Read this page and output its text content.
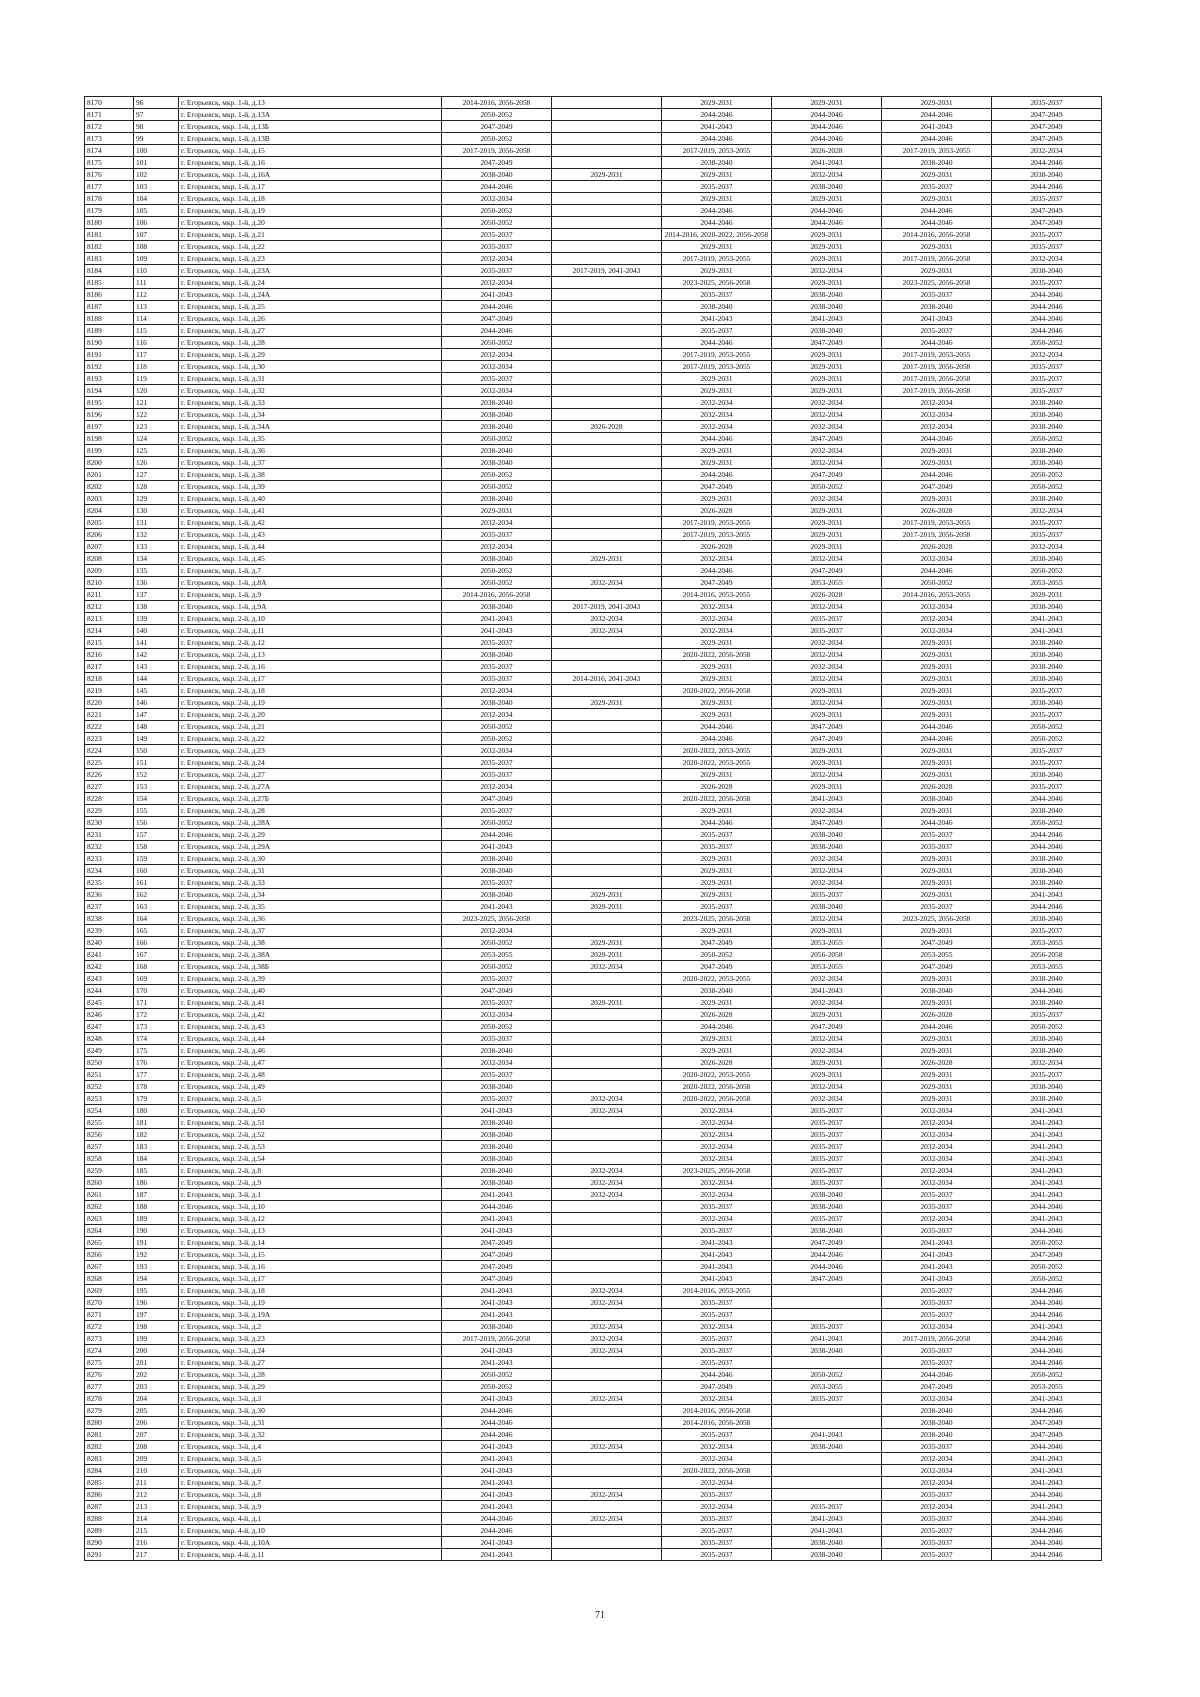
8170	96	г. Егорьевск, мкр. 1-й, д.13	2014-2016, 2056-2058		2029-2031	2029-2031	2029-2031	2035-2037
8171	97	г. Егорьевск, мкр. 1-й, д.13А	2050-2052		2044-2046	2044-2046	2044-2046	2047-2049
8172	98	г. Егорьевск, мкр. 1-й, д.13Б	2047-2049		2041-2043	2044-2046	2041-2043	2047-2049
8173	99	г. Егорьевск, мкр. 1-й, д.13В	2050-2052		2044-2046	2044-2046	2044-2046	2047-2049
8174	100	г. Егорьевск, мкр. 1-й, д.15	2017-2019, 2056-2058		2017-2019, 2053-2055	2026-2028	2017-2019, 2053-2055	2032-2034
8175	101	г. Егорьевск, мкр. 1-й, д.16	2047-2049		2038-2040	2041-2043	2038-2040	2044-2046
8176	102	г. Егорьевск, мкр. 1-й, д.16А	2038-2040	2029-2031	2029-2031	2032-2034	2029-2031	2038-2040
8177	103	г. Егорьевск, мкр. 1-й, д.17	2044-2046		2035-2037	2038-2040	2035-2037	2044-2046
8178	104	г. Егорьевск, мкр. 1-й, д.18	2032-2034		2029-2031	2029-2031	2029-2031	2035-2037
8179	105	г. Егорьевск, мкр. 1-й, д.19	2050-2052		2044-2046	2044-2046	2044-2046	2047-2049
8180	106	г. Егорьевск, мкр. 1-й, д.20	2050-2052		2044-2046	2044-2046	2044-2046	2047-2049
8181	107	г. Егорьевск, мкр. 1-й, д.21	2035-2037		2014-2016, 2020-2022, 2056-2058	2029-2031	2014-2016, 2056-2058	2035-2037
8182	108	г. Егорьевск, мкр. 1-й, д.22	2035-2037		2029-2031	2029-2031	2029-2031	2035-2037
8183	109	г. Егорьевск, мкр. 1-й, д.23	2032-2034		2017-2019, 2053-2055	2029-2031	2017-2019, 2056-2058	2032-2034
8184	110	г. Егорьевск, мкр. 1-й, д.23А	2035-2037	2017-2019, 2041-2043	2029-2031	2032-2034	2029-2031	2038-2040
8185	111	г. Егорьевск, мкр. 1-й, д.24	2032-2034		2023-2025, 2056-2058	2029-2031	2023-2025, 2056-2058	2035-2037
8186	112	г. Егорьевск, мкр. 1-й, д.24А	2041-2043		2035-2037	2038-2040	2035-2037	2044-2046
8187	113	г. Егорьевск, мкр. 1-й, д.25	2044-2046		2038-2040	2038-2040	2038-2040	2044-2046
8188	114	г. Егорьевск, мкр. 1-й, д.26	2047-2049		2041-2043	2041-2043	2041-2043	2044-2046
8189	115	г. Егорьевск, мкр. 1-й, д.27	2044-2046		2035-2037	2038-2040	2035-2037	2044-2046
8190	116	г. Егорьевск, мкр. 1-й, д.28	2050-2052		2044-2046	2047-2049	2044-2046	2050-2052
8191	117	г. Егорьевск, мкр. 1-й, д.29	2032-2034		2017-2019, 2053-2055	2029-2031	2017-2019, 2053-2055	2032-2034
8192	118	г. Егорьевск, мкр. 1-й, д.30	2032-2034		2017-2019, 2053-2055	2029-2031	2017-2019, 2056-2058	2035-2037
8193	119	г. Егорьевск, мкр. 1-й, д.31	2035-2037		2029-2031	2029-2031	2017-2019, 2056-2058	2035-2037
8194	120	г. Егорьевск, мкр. 1-й, д.32	2032-2034		2029-2031	2029-2031	2017-2019, 2056-2058	2035-2037
8195	121	г. Егорьевск, мкр. 1-й, д.33	2038-2040		2032-2034	2032-2034	2032-2034	2038-2040
8196	122	г. Егорьевск, мкр. 1-й, д.34	2038-2040		2032-2034	2032-2034	2032-2034	2038-2040
8197	123	г. Егорьевск, мкр. 1-й, д.34А	2038-2040	2026-2028	2032-2034	2032-2034	2032-2034	2038-2040
8198	124	г. Егорьевск, мкр. 1-й, д.35	2050-2052		2044-2046	2047-2049	2044-2046	2050-2052
8199	125	г. Егорьевск, мкр. 1-й, д.36	2038-2040		2029-2031	2032-2034	2029-2031	2038-2040
8200	126	г. Егорьевск, мкр. 1-й, д.37	2038-2040		2029-2031	2032-2034	2029-2031	2038-2040
8201	127	г. Егорьевск, мкр. 1-й, д.38	2050-2052		2044-2046	2047-2049	2044-2046	2050-2052
8202	128	г. Егорьевск, мкр. 1-й, д.39	2050-2052		2047-2049	2050-2052	2047-2049	2050-2052
8203	129	г. Егорьевск, мкр. 1-й, д.40	2038-2040		2029-2031	2032-2034	2029-2031	2038-2040
8204	130	г. Егорьевск, мкр. 1-й, д.41	2029-2031		2026-2028	2029-2031	2026-2028	2032-2034
8205	131	г. Егорьевск, мкр. 1-й, д.42	2032-2034		2017-2019, 2053-2055	2029-2031	2017-2019, 2053-2055	2035-2037
8206	132	г. Егорьевск, мкр. 1-й, д.43	2035-2037		2017-2019, 2053-2055	2029-2031	2017-2019, 2056-2058	2035-2037
8207	133	г. Егорьевск, мкр. 1-й, д.44	2032-2034		2026-2028	2029-2031	2026-2028	2032-2034
8208	134	г. Егорьевск, мкр. 1-й, д.45	2038-2040	2029-2031	2032-2034	2032-2034	2032-2034	2038-2040
8209	135	г. Егорьевск, мкр. 1-й, д.7	2050-2052		2044-2046	2047-2049	2044-2046	2050-2052
8210	136	г. Егорьевск, мкр. 1-й, д.8А	2050-2052	2032-2034	2047-2049	2053-2055	2050-2052	2053-2055
8211	137	г. Егорьевск, мкр. 1-й, д.9	2014-2016, 2056-2058		2014-2016, 2053-2055	2026-2028	2014-2016, 2053-2055	2029-2031
8212	138	г. Егорьевск, мкр. 1-й, д.9А	2038-2040	2017-2019, 2041-2043	2032-2034	2032-2034	2032-2034	2038-2040
8213	139	г. Егорьевск, мкр. 2-й, д.10	2041-2043	2032-2034	2032-2034	2035-2037	2032-2034	2041-2043
8214	140	г. Егорьевск, мкр. 2-й, д.11	2041-2043	2032-2034	2032-2034	2035-2037	2032-2034	2041-2043
8215	141	г. Егорьевск, мкр. 2-й, д.12	2035-2037		2029-2031	2032-2034	2029-2031	2038-2040
8216	142	г. Егорьевск, мкр. 2-й, д.13	2038-2040		2020-2022, 2056-2058	2032-2034	2029-2031	2038-2040
8217	143	г. Егорьевск, мкр. 2-й, д.16	2035-2037		2029-2031	2032-2034	2029-2031	2038-2040
8218	144	г. Егорьевск, мкр. 2-й, д.17	2035-2037	2014-2016, 2041-2043	2029-2031	2032-2034	2029-2031	2038-2040
8219	145	г. Егорьевск, мкр. 2-й, д.18	2032-2034		2020-2022, 2056-2058	2029-2031	2029-2031	2035-2037
8220	146	г. Егорьевск, мкр. 2-й, д.19	2038-2040	2029-2031	2029-2031	2032-2034	2029-2031	2038-2040
8221	147	г. Егорьевск, мкр. 2-й, д.20	2032-2034		2029-2031	2029-2031	2029-2031	2035-2037
8222	148	г. Егорьевск, мкр. 2-й, д.21	2050-2052		2044-2046	2047-2049	2044-2046	2050-2052
8223	149	г. Егорьевск, мкр. 2-й, д.22	2050-2052		2044-2046	2047-2049	2044-2046	2050-2052
8224	150	г. Егорьевск, мкр. 2-й, д.23	2032-2034		2020-2022, 2053-2055	2029-2031	2029-2031	2035-2037
8225	151	г. Егорьевск, мкр. 2-й, д.24	2035-2037		2020-2022, 2053-2055	2029-2031	2029-2031	2035-2037
8226	152	г. Егорьевск, мкр. 2-й, д.27	2035-2037		2029-2031	2032-2034	2029-2031	2038-2040
8227	153	г. Егорьевск, мкр. 2-й, д.27А	2032-2034		2026-2028	2029-2031	2026-2028	2035-2037
8228	154	г. Егорьевск, мкр. 2-й, д.27Б	2047-2049		2020-2022, 2056-2058	2041-2043	2038-2040	2044-2046
8229	155	г. Егорьевск, мкр. 2-й, д.28	2035-2037		2029-2031	2032-2034	2029-2031	2038-2040
8230	156	г. Егорьевск, мкр. 2-й, д.28А	2050-2052		2044-2046	2047-2049	2044-2046	2050-2052
8231	157	г. Егорьевск, мкр. 2-й, д.29	2044-2046		2035-2037	2038-2040	2035-2037	2044-2046
8232	158	г. Егорьевск, мкр. 2-й, д.29А	2041-2043		2035-2037	2038-2040	2035-2037	2044-2046
8233	159	г. Егорьевск, мкр. 2-й, д.30	2038-2040		2029-2031	2032-2034	2029-2031	2038-2040
8234	160	г. Егорьевск, мкр. 2-й, д.31	2038-2040		2029-2031	2032-2034	2029-2031	2038-2040
8235	161	г. Егорьевск, мкр. 2-й, д.33	2035-2037		2029-2031	2032-2034	2029-2031	2038-2040
8236	162	г. Егорьевск, мкр. 2-й, д.34	2038-2040	2029-2031	2029-2031	2035-2037	2029-2031	2041-2043
8237	163	г. Егорьевск, мкр. 2-й, д.35	2041-2043	2029-2031	2035-2037	2038-2040	2035-2037	2044-2046
8238	164	г. Егорьевск, мкр. 2-й, д.36	2023-2025, 2056-2058		2023-2025, 2056-2058	2032-2034	2023-2025, 2056-2058	2038-2040
8239	165	г. Егорьевск, мкр. 2-й, д.37	2032-2034		2029-2031	2029-2031	2029-2031	2035-2037
8240	166	г. Егорьевск, мкр. 2-й, д.38	2050-2052	2029-2031	2047-2049	2053-2055	2047-2049	2053-2055
8241	167	г. Егорьевск, мкр. 2-й, д.38А	2053-2055	2029-2031	2050-2052	2056-2058	2053-2055	2056-2058
8242	168	г. Егорьевск, мкр. 2-й, д.38Б	2050-2052	2032-2034	2047-2049	2053-2055	2047-2049	2053-2055
8243	169	г. Егорьевск, мкр. 2-й, д.39	2035-2037		2020-2022, 2053-2055	2032-2034	2029-2031	2038-2040
8244	170	г. Егорьевск, мкр. 2-й, д.40	2047-2049		2038-2040	2041-2043	2038-2040	2044-2046
8245	171	г. Егорьевск, мкр. 2-й, д.41	2035-2037	2029-2031	2029-2031	2032-2034	2029-2031	2038-2040
8246	172	г. Егорьевск, мкр. 2-й, д.42	2032-2034		2026-2028	2029-2031	2026-2028	2035-2037
8247	173	г. Егорьевск, мкр. 2-й, д.43	2050-2052		2044-2046	2047-2049	2044-2046	2050-2052
8248	174	г. Егорьевск, мкр. 2-й, д.44	2035-2037		2029-2031	2032-2034	2029-2031	2038-2040
8249	175	г. Егорьевск, мкр. 2-й, д.46	2038-2040		2029-2031	2032-2034	2029-2031	2038-2040
8250	176	г. Егорьевск, мкр. 2-й, д.47	2032-2034		2026-2028	2029-2031	2026-2028	2032-2034
8251	177	г. Егорьевск, мкр. 2-й, д.48	2035-2037		2020-2022, 2053-2055	2029-2031	2029-2031	2035-2037
8252	178	г. Егорьевск, мкр. 2-й, д.49	2038-2040		2020-2022, 2056-2058	2032-2034	2029-2031	2038-2040
8253	179	г. Егорьевск, мкр. 2-й, д.5	2035-2037	2032-2034	2020-2022, 2056-2058	2032-2034	2029-2031	2038-2040
8254	180	г. Егорьевск, мкр. 2-й, д.50	2041-2043	2032-2034	2032-2034	2035-2037	2032-2034	2041-2043
8255	181	г. Егорьевск, мкр. 2-й, д.51	2038-2040		2032-2034	2035-2037	2032-2034	2041-2043
8256	182	г. Егорьевск, мкр. 2-й, д.52	2038-2040		2032-2034	2035-2037	2032-2034	2041-2043
8257	183	г. Егорьевск, мкр. 2-й, д.53	2038-2040		2032-2034	2035-2037	2032-2034	2041-2043
8258	184	г. Егорьевск, мкр. 2-й, д.54	2038-2040		2032-2034	2035-2037	2032-2034	2041-2043
8259	185	г. Егорьевск, мкр. 2-й, д.8	2038-2040	2032-2034	2023-2025, 2056-2058	2035-2037	2032-2034	2041-2043
8260	186	г. Егорьевск, мкр. 2-й, д.9	2038-2040	2032-2034	2032-2034	2035-2037	2032-2034	2041-2043
8261	187	г. Егорьевск, мкр. 3-й, д.1	2041-2043	2032-2034	2032-2034	2038-2040	2035-2037	2041-2043
8262	188	г. Егорьевск, мкр. 3-й, д.10	2044-2046		2035-2037	2038-2040	2035-2037	2044-2046
8263	189	г. Егорьевск, мкр. 3-й, д.12	2041-2043		2032-2034	2035-2037	2032-2034	2041-2043
8264	190	г. Егорьевск, мкр. 3-й, д.13	2041-2043		2035-2037	2038-2040	2035-2037	2044-2046
8265	191	г. Егорьевск, мкр. 3-й, д.14	2047-2049		2041-2043	2047-2049	2041-2043	2050-2052
8266	192	г. Егорьевск, мкр. 3-й, д.15	2047-2049		2041-2043	2044-2046	2041-2043	2047-2049
8267	193	г. Егорьевск, мкр. 3-й, д.16	2047-2049		2041-2043	2044-2046	2041-2043	2050-2052
8268	194	г. Егорьевск, мкр. 3-й, д.17	2047-2049		2041-2043	2047-2049	2041-2043	2050-2052
8269	195	г. Егорьевск, мкр. 3-й, д.18	2041-2043	2032-2034	2014-2016, 2053-2055		2035-2037	2044-2046
8270	196	г. Егорьевск, мкр. 3-й, д.19	2041-2043	2032-2034	2035-2037		2035-2037	2044-2046
8271	197	г. Егорьевск, мкр. 3-й, д.19А	2041-2043		2035-2037		2035-2037	2044-2046
8272	198	г. Егорьевск, мкр. 3-й, д.2	2038-2040	2032-2034	2032-2034	2035-2037	2032-2034	2041-2043
8273	199	г. Егорьевск, мкр. 3-й, д.23	2017-2019, 2056-2058	2032-2034	2035-2037	2041-2043	2017-2019, 2056-2058	2044-2046
8274	200	г. Егорьевск, мкр. 3-й, д.24	2041-2043	2032-2034	2035-2037	2038-2040	2035-2037	2044-2046
8275	201	г. Егорьевск, мкр. 3-й, д.27	2041-2043		2035-2037		2035-2037	2044-2046
8276	202	г. Егорьевск, мкр. 3-й, д.28	2050-2052		2044-2046	2050-2052	2044-2046	2050-2052
8277	203	г. Егорьевск, мкр. 3-й, д.29	2050-2052		2047-2049	2053-2055	2047-2049	2053-2055
8278	204	г. Егорьевск, мкр. 3-й, д.3	2041-2043	2032-2034	2032-2034	2035-2037	2032-2034	2041-2043
8279	205	г. Егорьевск, мкр. 3-й, д.30	2044-2046		2014-2016, 2056-2058		2038-2040	2044-2046
8280	206	г. Егорьевск, мкр. 3-й, д.31	2044-2046		2014-2016, 2056-2058		2038-2040	2047-2049
8281	207	г. Егорьевск, мкр. 3-й, д.32	2044-2046		2035-2037	2041-2043	2038-2040	2047-2049
8282	208	г. Егорьевск, мкр. 3-й, д.4	2041-2043	2032-2034	2032-2034	2038-2040	2035-2037	2044-2046
8283	209	г. Егорьевск, мкр. 3-й, д.5	2041-2043		2032-2034		2032-2034	2041-2043
8284	210	г. Егорьевск, мкр. 3-й, д.6	2041-2043		2020-2022, 2056-2058		2032-2034	2041-2043
8285	211	г. Егорьевск, мкр. 3-й, д.7	2041-2043		2032-2034		2032-2034	2041-2043
8286	212	г. Егорьевск, мкр. 3-й, д.8	2041-2043	2032-2034	2035-2037		2035-2037	2044-2046
8287	213	г. Егорьевск, мкр. 3-й, д.9	2041-2043		2032-2034	2035-2037	2032-2034	2041-2043
8288	214	г. Егорьевск, мкр. 4-й, д.1	2044-2046	2032-2034	2035-2037	2041-2043	2035-2037	2044-2046
8289	215	г. Егорьевск, мкр. 4-й, д.10	2044-2046		2035-2037	2041-2043	2035-2037	2044-2046
8290	216	г. Егорьевск, мкр. 4-й, д.10А	2041-2043		2035-2037	2038-2040	2035-2037	2044-2046
8291	217	г. Егорьевск, мкр. 4-й, д.11	2041-2043		2035-2037	2038-2040	2035-2037	2044-2046
71
